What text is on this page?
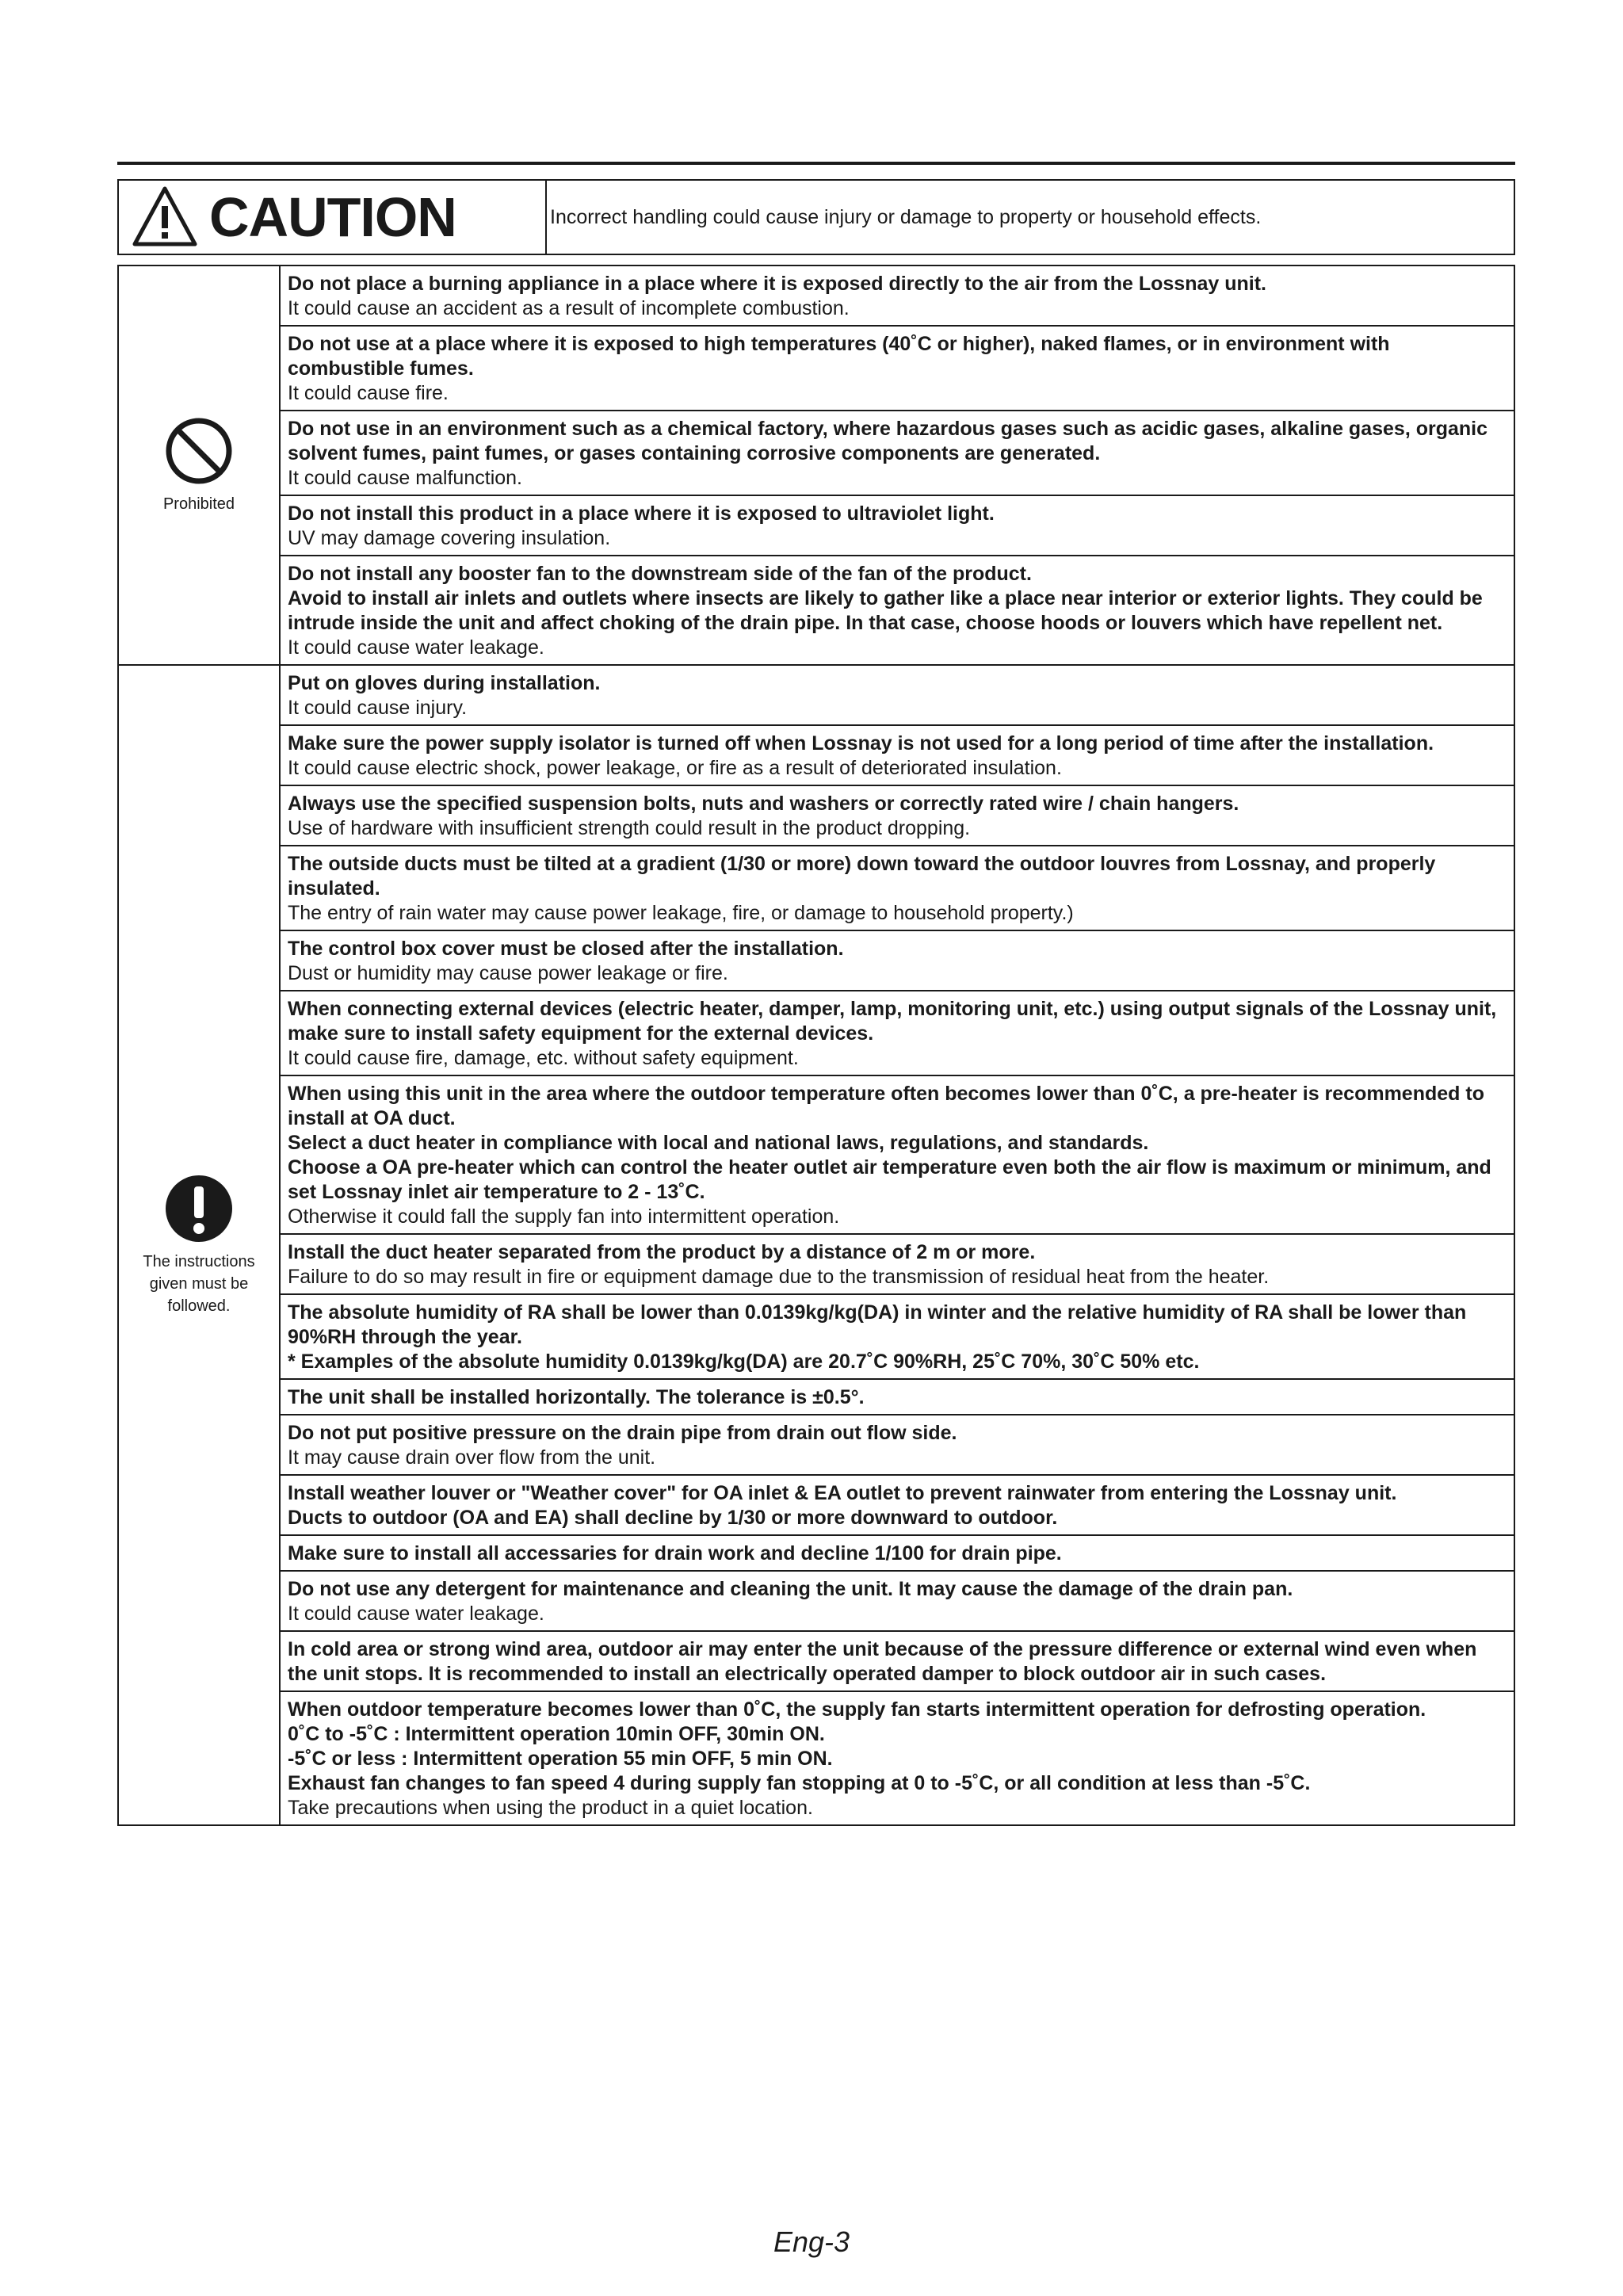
CAUTION	Incorrect handling could cause injury or damage to property or household effects.
Prohibited	Do not place a burning appliance in a place where it is exposed directly to the air from the Lossnay unit.
It could cause an accident as a result of incomplete combustion.

	Do not use at a place where it is exposed to high temperatures (40˚C or higher), naked flames, or in environment with combustible fumes.
It could cause fire.

	Do not use in an environment such as a chemical factory, where hazardous gases such as acidic gases, alkaline gases, organic solvent fumes, paint fumes, or gases containing corrosive components are generated.
It could cause malfunction.

	Do not install this product in a place where it is exposed to ultraviolet light.
UV may damage covering insulation.

	Do not install any booster fan to the downstream side of the fan of the product.
Avoid to install air inlets and outlets where insects are likely to gather like a place near interior or exterior lights. They could be intrude inside the unit and affect choking of the drain pipe. In that case, choose hoods or louvers which have repellent net.
It could cause water leakage.

The instructions given must be followed.	Put on gloves during installation.
It could cause injury.

	Make sure the power supply isolator is turned off when Lossnay is not used for a long period of time after the installation.
It could cause electric shock, power leakage, or fire as a result of deteriorated insulation.

	Always use the specified suspension bolts, nuts and washers or correctly rated wire / chain hangers.
Use of hardware with insufficient strength could result in the product dropping.

	The outside ducts must be tilted at a gradient (1/30 or more) down toward the outdoor louvres from Lossnay, and properly insulated.
The entry of rain water may cause power leakage, fire, or damage to household property.)

	The control box cover must be closed after the installation.
Dust or humidity may cause power leakage or fire.

	When connecting external devices (electric heater, damper, lamp, monitoring unit, etc.) using output signals of the Lossnay unit, make sure to install safety equipment for the external devices.
It could cause fire, damage, etc. without safety equipment.

	When using this unit in the area where the outdoor temperature often becomes lower than 0˚C, a pre-heater is recommended to install at OA duct.
Select a duct heater in compliance with local and national laws, regulations, and standards.
Choose a OA pre-heater which can control the heater outlet air temperature even both the air flow is maximum or minimum, and set Lossnay inlet air temperature to 2 - 13˚C.
Otherwise it could fall the supply fan into intermittent operation.

	Install the duct heater separated from the product by a distance of 2 m or more.
Failure to do so may result in fire or equipment damage due to the transmission of residual heat from the heater.

	The absolute humidity of RA shall be lower than 0.0139kg/kg(DA) in winter and the relative humidity of RA shall be lower than 90%RH through the year.
* Examples of the absolute humidity 0.0139kg/kg(DA) are 20.7˚C 90%RH, 25˚C 70%, 30˚C 50% etc.

	The unit shall be installed horizontally. The tolerance is ±0.5°.

	Do not put positive pressure on the drain pipe from drain out flow side.
It may cause drain over flow from the unit.

	Install weather louver or "Weather cover" for OA inlet & EA outlet to prevent rainwater from entering the Lossnay unit.
Ducts to outdoor (OA and EA) shall decline by 1/30 or more downward to outdoor.

	Make sure to install all accessaries for drain work and decline 1/100 for drain pipe.

	Do not use any detergent for maintenance and cleaning the unit. It may cause the damage of the drain pan.
It could cause water leakage.

	In cold area or strong wind area, outdoor air may enter the unit because of the pressure difference or external wind even when the unit stops. It is recommended to install an electrically operated damper to block outdoor air in such cases.

	When outdoor temperature becomes lower than 0˚C, the supply fan starts intermittent operation for defrosting operation.
0˚C to -5˚C : Intermittent operation 10min OFF, 30min ON.
-5˚C or less : Intermittent operation 55 min OFF, 5 min ON.
Exhaust fan changes to fan speed 4 during supply fan stopping at 0 to -5˚C, or all condition at less than -5˚C.
Take precautions when using the product in a quiet location.
Eng-3
